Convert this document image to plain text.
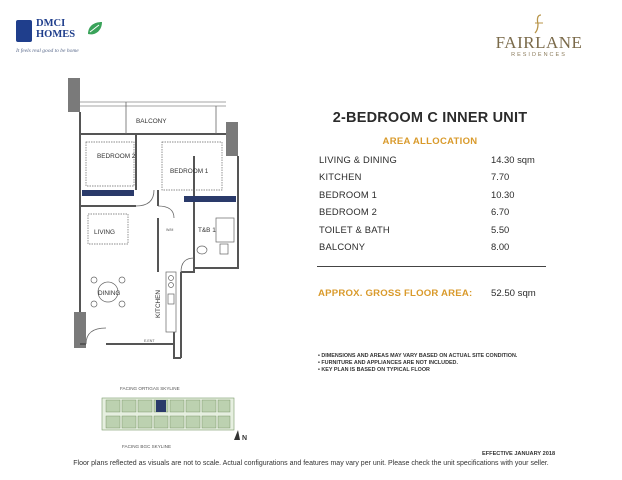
DMCI
HOMES
It feels real good to be home	FAIRLANE
RESIDENCES
BALCONY
BEDROOM 2
BEDROOM 1
LIVING	T&B 1
DINING	KITCHEN
W/M
E.ENT
FACING ORTIGAS SKYLINE
FACING BGC SKYLINE
N
2-BEDROOM C INNER UNIT
AREA ALLOCATION
LIVING & DINING	14.30 sqm
KITCHEN	7.70
BEDROOM 1	10.30
BEDROOM 2	6.70
TOILET & BATH	5.50
BALCONY	8.00
APPROX. GROSS FLOOR AREA: 52.50 sqm
• DIMENSIONS AND AREAS MAY VARY BASED ON ACTUAL SITE CONDITION.
• FURNITURE AND APPLIANCES ARE NOT INCLUDED.
• KEY PLAN IS BASED ON TYPICAL FLOOR
EFFECTIVE JANUARY 2018
Floor plans reflected as visuals are not to scale. Actual configurations and features may vary per unit. Please check the unit specifications with your seller.
